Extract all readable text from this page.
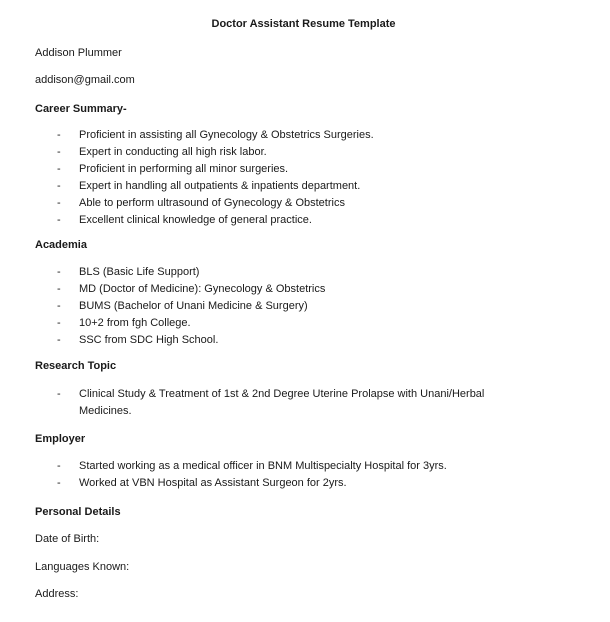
Doctor Assistant Resume Template

Addison Plummer

addison@gmail.com

Career Summary-
-	Proficient in assisting all Gynecology & Obstetrics Surgeries.
-	Expert in conducting all high risk labor.
-	Proficient in performing all minor surgeries.
-	Expert in handling all outpatients & inpatients department.
-	Able to perform ultrasound of Gynecology & Obstetrics
-	Excellent clinical knowledge of general practice.
Academia
-	BLS (Basic Life Support)
-	MD (Doctor of Medicine): Gynecology & Obstetrics
-	BUMS (Bachelor of Unani Medicine & Surgery)
-	10+2 from fgh College.
-	SSC from SDC High School.
Research Topic
-	Clinical Study & Treatment of 1st & 2nd Degree Uterine Prolapse with Unani/Herbal Medicines.
Employer
-	Started working as a medical officer in BNM Multispecialty Hospital for 3yrs.
-	Worked at VBN Hospital as Assistant Surgeon for 2yrs.
Personal Details

Date of Birth:

Languages Known:

Address:
